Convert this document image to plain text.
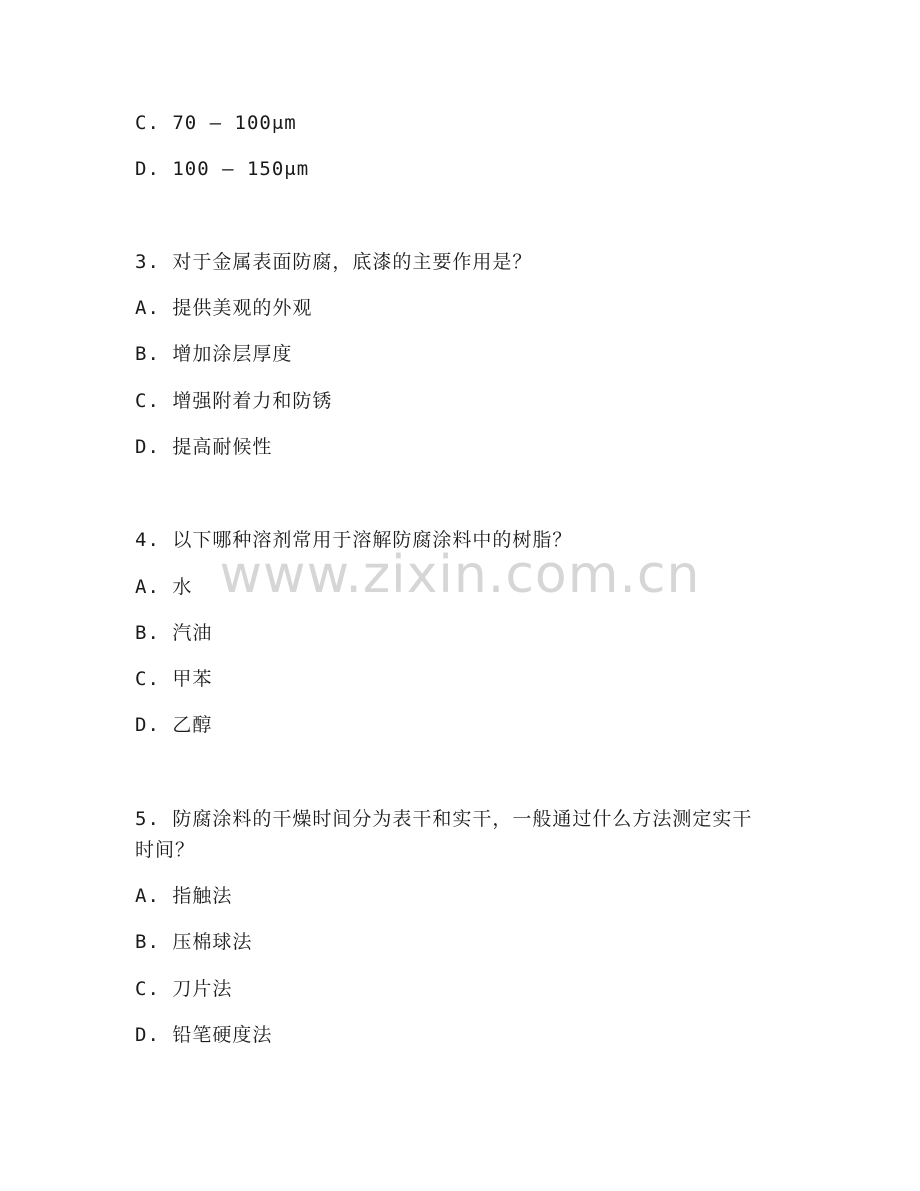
C. 70 – 100μm
D. 100 – 150μm
3. 对于金属表面防腐，底漆的主要作用是？
A. 提供美观的外观
B. 增加涂层厚度
C. 增强附着力和防锈
D. 提高耐候性
4. 以下哪种溶剂常用于溶解防腐涂料中的树脂？
A. 水
B. 汽油
C. 甲苯
D. 乙醇
5. 防腐涂料的干燥时间分为表干和实干，一般通过什么方法测定实干
时间？
A. 指触法
B. 压棉球法
C. 刀片法
D. 铅笔硬度法
www.zixin.com.cn
